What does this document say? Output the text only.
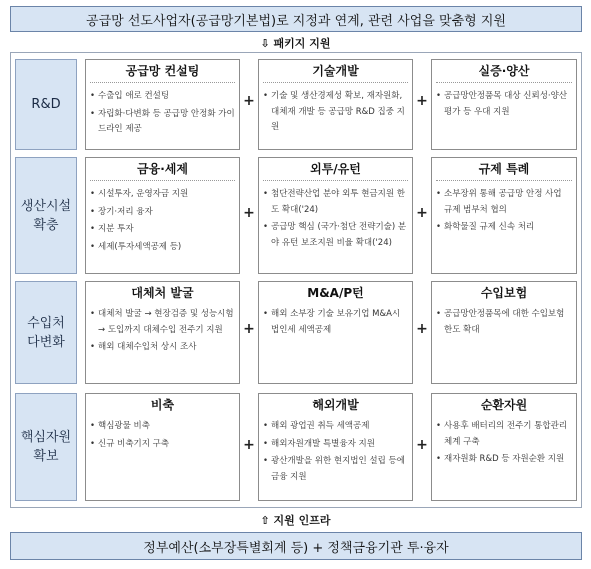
공급망 선도사업자(공급망기본법)로 지정과 연계, 관련 사업을 맞춤형 지원
⇩ 패키지 지원
R&D
공급망 컨설팅
• 수출입 애로 컨설팅
• 자립화·다변화 등 공급망 안정화 가이드라인 제공
+
기술개발
• 기술 및 생산경제성 확보, 재자원화, 대체재 개발 등 공급망 R&D 집중 지원
+
실증·양산
• 공급망안정품목 대상 신뢰성·양산평가 등 우대 지원
생산시설
확충
금융·세제
• 시설투자, 운영자금 지원
• 장기·저리 융자
• 지분 투자
• 세제(투자세액공제 등)
+
외투/유턴
• 첨단전략산업 분야 외투 현금지원 한도 확대('24)
• 공급망 핵심 (국가·첨단 전략기술) 분야 유턴 보조지원 비율 확대('24)
+
규제 특례
• 소부장위 통해 공급망 안정 사업 규제 범부처 협의
• 화학물질 규제 신속 처리
수입처
다변화
대체처 발굴
• 대체처 발굴 → 현장검증 및 성능시험 → 도입까지 대체수입 전주기 지원
• 해외 대체수입처 상시 조사
+
M&A/P턴
• 해외 소부장 기술 보유기업 M&A시 법인세 세액공제	+
수입보험
• 공급망안정품목에 대한 수입보험 한도 확대
핵심자원
확보
비축
• 핵심광물 비축
• 신규 비축기지 구축	+
해외개발
• 해외 광업권 취득 세액공제
• 해외자원개발 특별융자 지원
• 광산개발을 위한 현지법인 설립 등에 금융 지원
+
순환자원
• 사용후 배터리의 전주기 통합관리체계 구축
• 재자원화 R&D 등 자원순환 지원
⇧ 지원 인프라
정부예산(소부장특별회계 등) + 정책금융기관 투·융자
